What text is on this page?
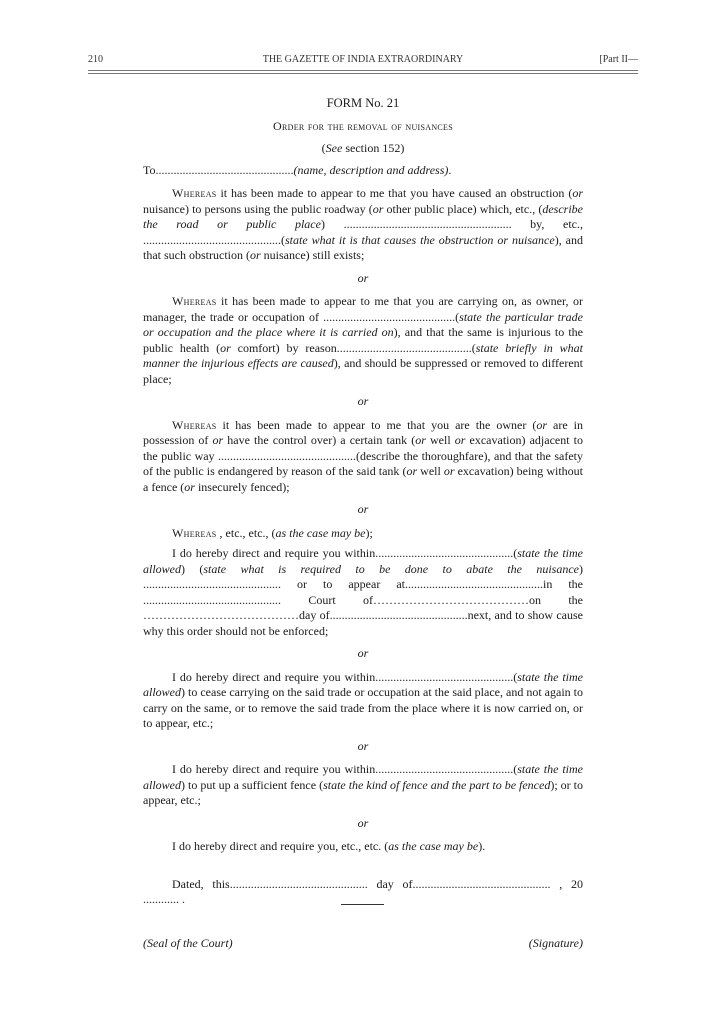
210	THE GAZETTE OF INDIA EXTRAORDINARY	[Part II—
FORM No. 21
Order for the removal of nuisances
(See section 152)

To..............................................(name, description and address).

Whereas it has been made to appear to me that you have caused an obstruction (or nuisance) to persons using the public roadway (or other public place) which, etc., (describe the road or public place) ........................................................ by, etc., ..............................................(state what it is that causes the obstruction or nuisance), and that such obstruction (or nuisance) still exists;

or

Whereas it has been made to appear to me that you are carrying on, as owner, or manager, the trade or occupation of ............................................(state the particular trade or occupation and the place where it is carried on), and that the same is injurious to the public health (or comfort) by reason.............................................(state briefly in what manner the injurious effects are caused), and should be suppressed or removed to different place;

or

Whereas it has been made to appear to me that you are the owner (or are in possession of or have the control over) a certain tank (or well or excavation) adjacent to the public way ..............................................(describe the thoroughfare), and that the safety of the public is endangered by reason of the said tank (or well or excavation) being without a fence (or insecurely fenced);

or

Whereas , etc., etc., (as the case may be);

I do hereby direct and require you within..............................................(state the time allowed) (state what is required to be done to abate the nuisance) .............................................. or to appear at..............................................in the .............................................. Court of…………………………………on the …………………………………day of..............................................next, and to show cause why this order should not be enforced;

or

I do hereby direct and require you within..............................................(state the time allowed) to cease carrying on the said trade or occupation at the said place, and not again to carry on the same, or to remove the said trade from the place where it is now carried on, or to appear, etc.;

or

I do hereby direct and require you within..............................................(state the time allowed) to put up a sufficient fence (state the kind of fence and the part to be fenced); or to appear, etc.;

or

I do hereby direct and require you, etc., etc. (as the case may be).

Dated, this.............................................. day of.............................................. , 20 ............ .

(Seal of the Court)	(Signature)
